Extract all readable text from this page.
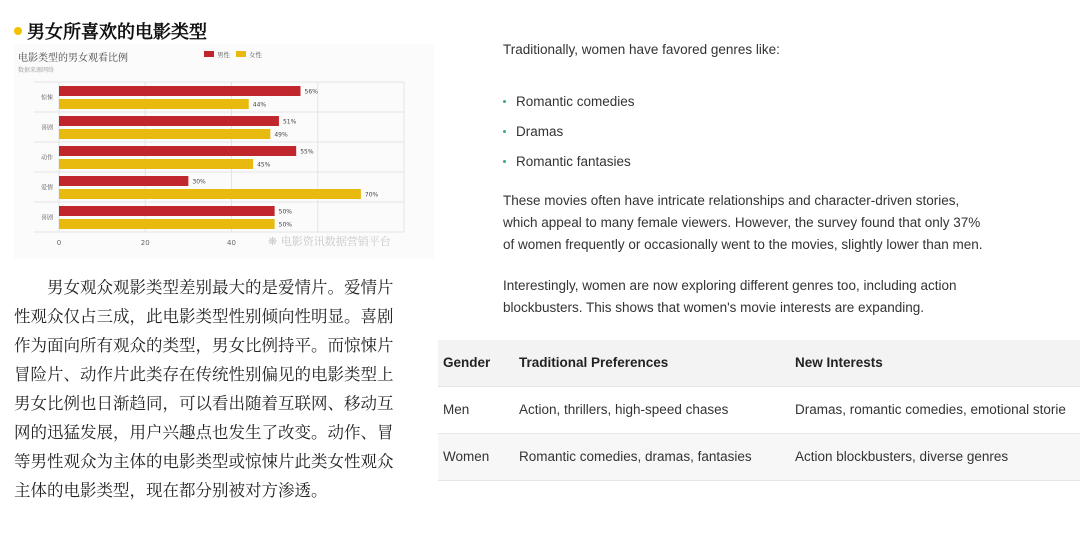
男女所喜欢的电影类型
电影类型的男女观看比例
数据来源网络
男性	女性
惊悚
56%
44%
喜剧
51%
49%
动作
55%
45%
爱情
30%
70%
喜剧
50%
50%
0	20	40	❋ 电影资讯数据营销平台
男女观众观影类型差别最大的是爱情片。爱情片
性观众仅占三成，此电影类型性别倾向性明显。喜剧
作为面向所有观众的类型，男女比例持平。而惊悚片
冒险片、动作片此类存在传统性别偏见的电影类型上
男女比例也日渐趋同，可以看出随着互联网、移动互
网的迅猛发展，用户兴趣点也发生了改变。动作、冒
等男性观众为主体的电影类型或惊悚片此类女性观众
主体的电影类型，现在都分别被对方渗透。
Traditionally, women have favored genres like:
Romantic comedies
Dramas
Romantic fantasies
These movies often have intricate relationships and character-driven stories,
which appeal to many female viewers. However, the survey found that only 37%
of women frequently or occasionally went to the movies, slightly lower than men.
Interestingly, women are now exploring different genres too, including action
blockbusters. This shows that women's movie interests are expanding.
Gender Traditional Preferences	New Interests
Men	Action, thrillers, high-speed chases	Dramas, romantic comedies, emotional storie
Women Romantic comedies, dramas, fantasies	Action blockbusters, diverse genres
